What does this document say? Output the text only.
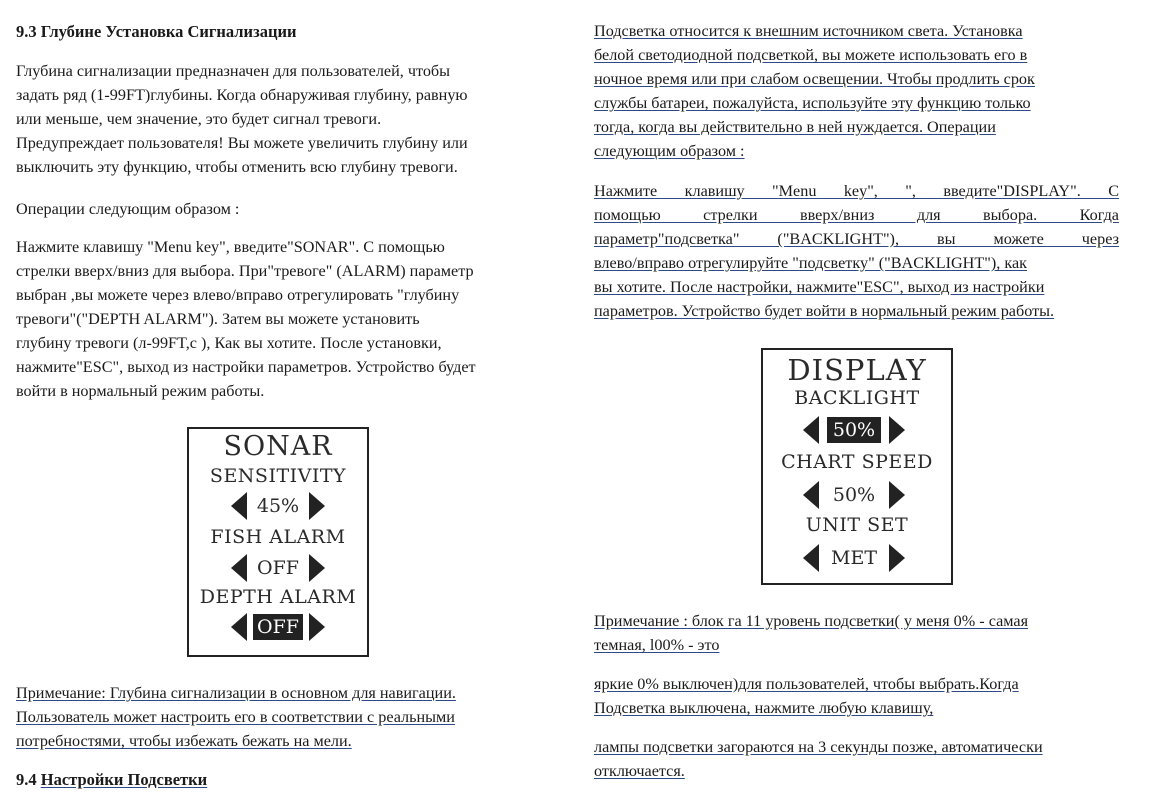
9.3 Глубине Установка Сигнализации

Глубина сигнализации предназначен для пользователей, чтобы

задать ряд (1-99FT)глубины. Когда обнаруживая глубину, равную

или меньше, чем значение, это будет сигнал тревоги.

Предупреждает пользователя! Вы можете увеличить глубину или

выключить эту функцию, чтобы отменить всю глубину тревоги.

Операции следующим образом :

Нажмите клавишу "Menu key", введите"SONAR". С помощью

стрелки вверх/вниз для выбора. При"тревоге" (ALARM) параметр

выбран ,вы можете через влево/вправо отрегулировать "глубину

тревоги"("DEPTH ALARM"). Затем вы можете установить

глубину тревоги (л-99FT,с ), Как вы хотите. После установки,

нажмите"ESC", выход из настройки параметров. Устройство будет

войти в нормальный режим работы.

Примечание: Глубина сигнализации в основном для навигации.

Пользователь может настроить его в соответствии с реальными

потребностями, чтобы избежать бежать на мели.

9.4 Настройки Подсветки

SONAR
SENSITIVITY
45%
FISH ALARM
OFF
DEPTH ALARM
OFF

Подсветка относится к внешним источником света. Установка

белой светодиодной подсветкой, вы можете использовать его в

ночное время или при слабом освещении. Чтобы продлить срок

службы батареи, пожалуйста, используйте эту функцию только

тогда, когда вы действительно в ней нуждается. Операции

следующим образом :

Нажмите клавишу "Menu key", ", введите"DISPLAY". С

помощью стрелки вверх/вниз для выбора. Когда

параметр"подсветка" ("BACKLIGHT"), вы можете через

влево/вправо отрегулируйте "подсветку" ("BACKLIGHT"), как

вы хотите. После настройки, нажмите"ESC", выход из настройки

параметров. Устройство будет войти в нормальный режим работы.

Примечание : блок га 11 уровень подсветки( у меня 0% - самая

темная, l00% - это

яркие 0% выключен)для пользователей, чтобы выбрать.Когда

Подсветка выключена, нажмите любую клавишу,

лампы подсветки загораются на 3 секунды позже, автоматически

отключается.

DISPLAY
BACKLIGHT
50%
CHART SPEED
50%
UNIT SET
MET
